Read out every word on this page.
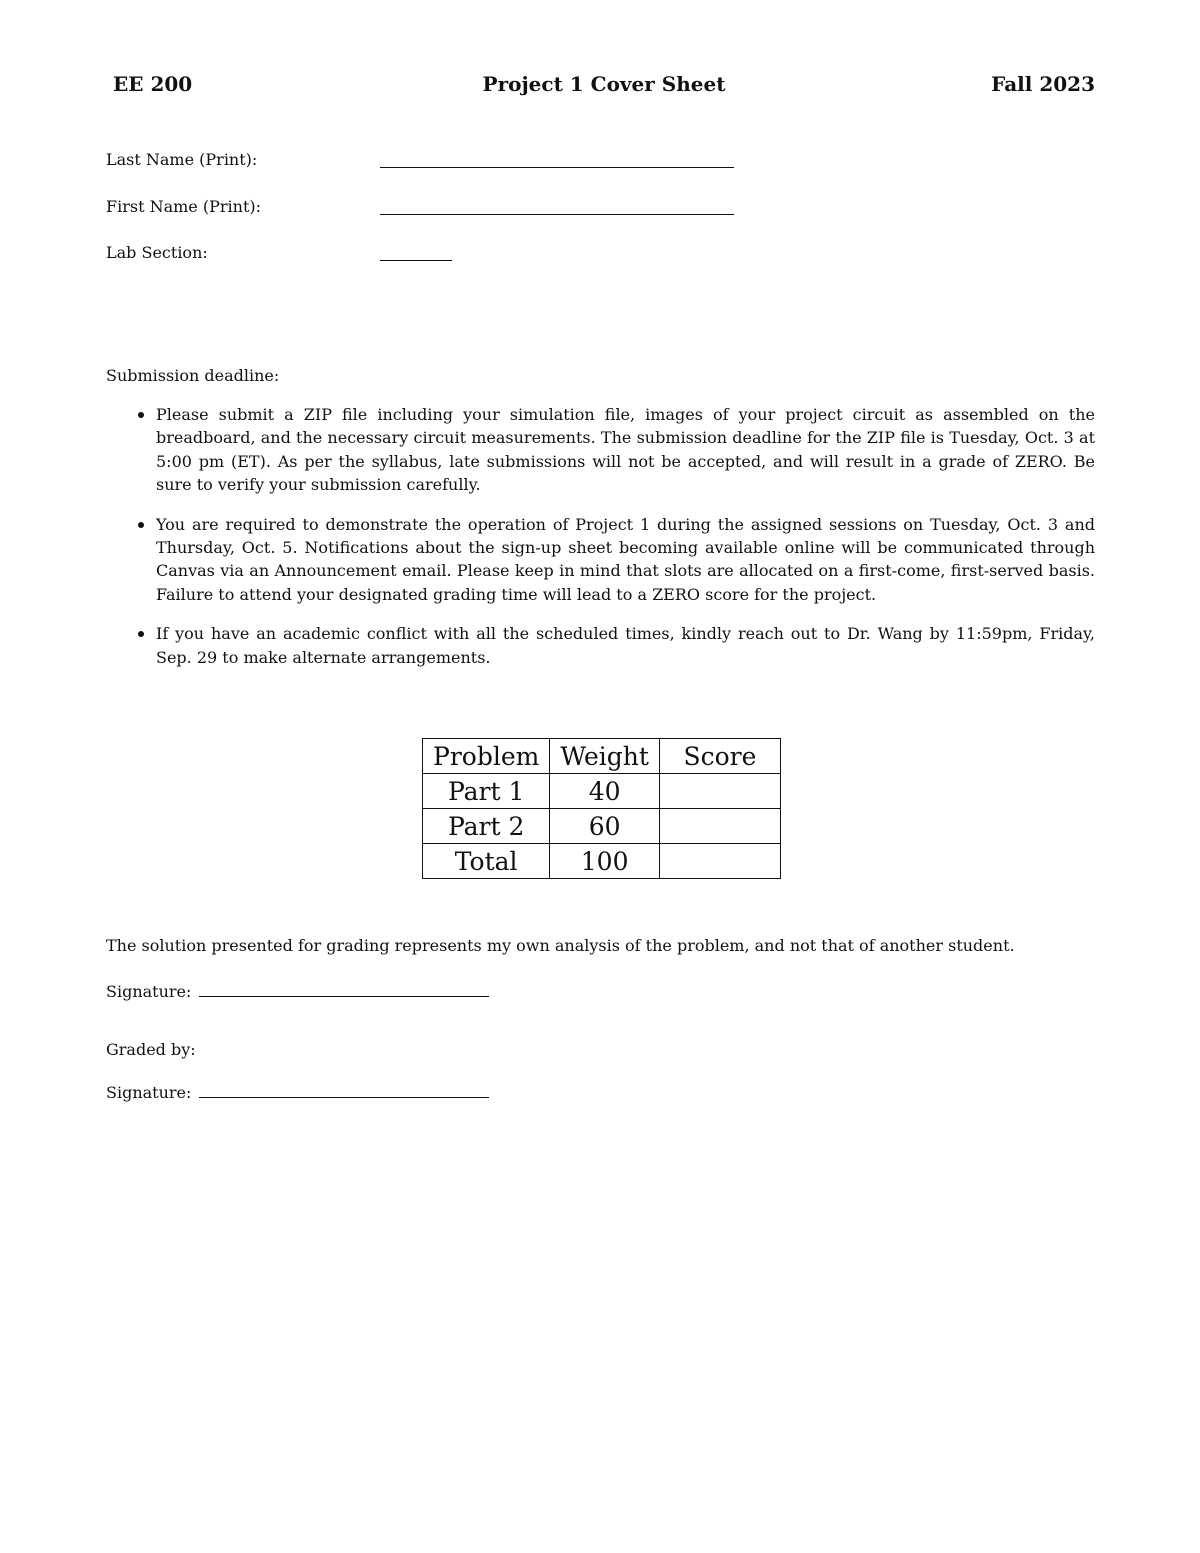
EE 200	Project 1 Cover Sheet	Fall 2023
Last Name (Print):
First Name (Print):
Lab Section:
Submission deadline:
Please submit a ZIP file including your simulation file, images of your project circuit as assembled on the breadboard, and the necessary circuit measurements. The submission deadline for the ZIP file is Tuesday, Oct. 3 at 5:00 pm (ET). As per the syllabus, late submissions will not be accepted, and will result in a grade of ZERO. Be sure to verify your submission carefully.
You are required to demonstrate the operation of Project 1 during the assigned sessions on Tuesday, Oct. 3 and Thursday, Oct. 5. Notifications about the sign-up sheet becoming available online will be communicated through Canvas via an Announcement email. Please keep in mind that slots are allocated on a first-come, first-served basis. Failure to attend your designated grading time will lead to a ZERO score for the project.
If you have an academic conflict with all the scheduled times, kindly reach out to Dr. Wang by 11:59pm, Friday, Sep. 29 to make alternate arrangements.
Problem	Weight	Score
Part 1	40	
Part 2	60	
Total	100	
The solution presented for grading represents my own analysis of the problem, and not that of another student.
Signature:
Graded by:
Signature:
